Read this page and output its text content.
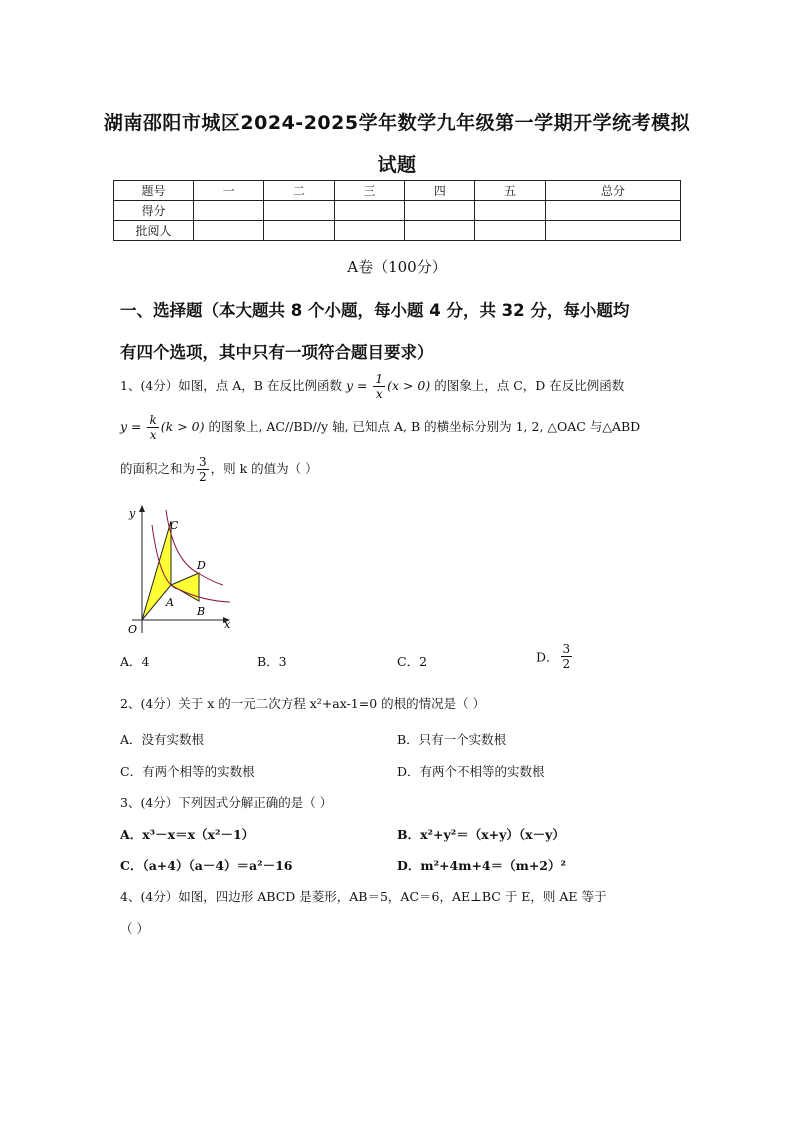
湖南邵阳市城区2024-2025学年数学九年级第一学期开学统考模拟
试题
题号	一	二	三	四	五	总分
得分						
批阅人						
A卷（100分）
一、选择题（本大题共 8 个小题，每小题 4 分，共 32 分，每小题均
有四个选项，其中只有一项符合题目要求）
1、(4分）如图，点 A，B 在反比例函数 $y = \frac{1}{x} (x > 0)$ 的图象上，点 C，D 在反比例函数
$y = \frac{k}{x} (k > 0)$ 的图象上, AC//BD//y 轴, 已知点 A, B 的横坐标分别为 1, 2, △OAC 与△ABD
的面积之和为 $\frac{3}{2}$ ，则 k 的值为（ ）
y
x
O
A
B
C
D
A．4	B．3	C．2	D． $\frac{3}{2}$
2、(4分）关于 x 的一元二次方程 x²+ax-1=0 的根的情况是（ ）
A．没有实数根	B．只有一个实数根
C．有两个相等的实数根	D．有两个不相等的实数根
3、(4分）下列因式分解正确的是（ ）
A．x³－x＝x（x²－1）	B．x²+y²＝（x+y）（x－y）
C．（a+4）（a－4）＝a²－16	D．m²+4m+4＝（m+2）²
4、(4分）如图，四边形 ABCD 是菱形，AB＝5，AC＝6，AE⊥BC 于 E，则 AE 等于
（ ）
